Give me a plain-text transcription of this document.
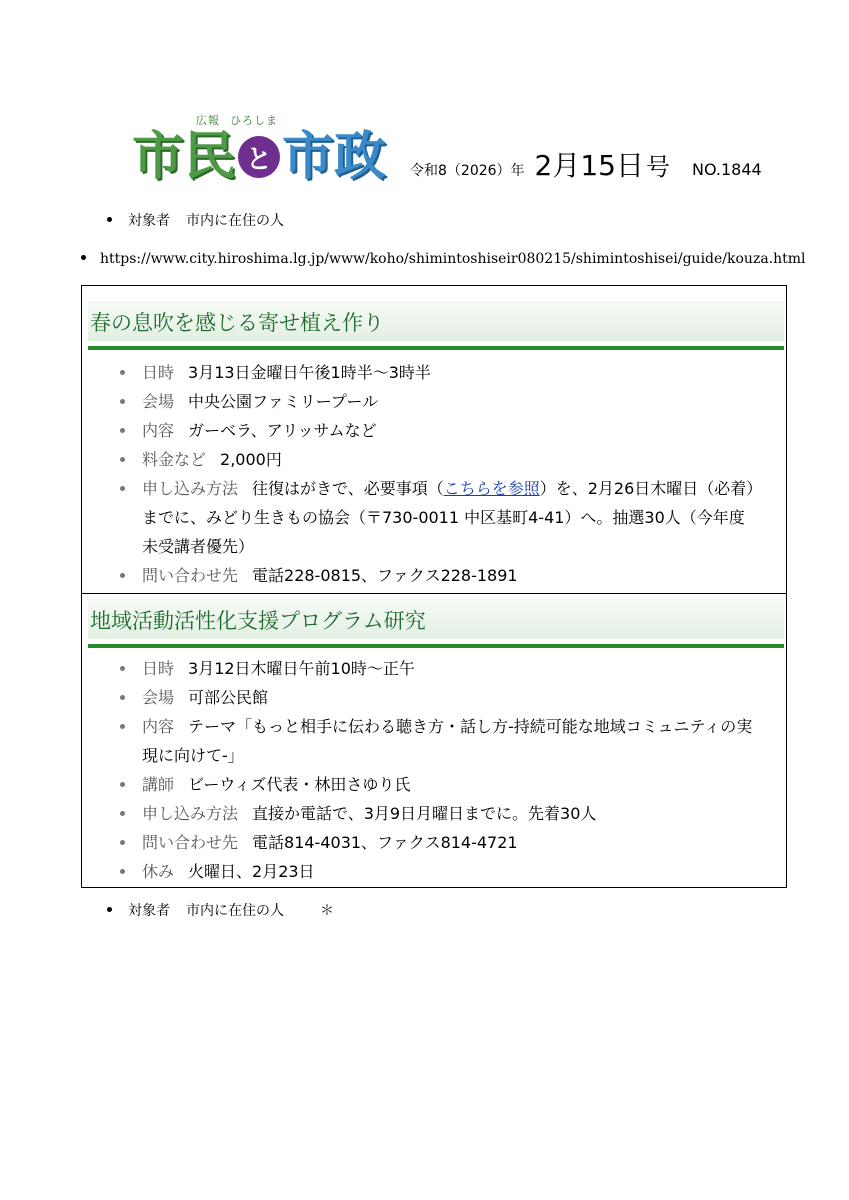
広報 ひろしま
市 民 と 市 政 令和8（2026）年 2月15日 号 NO.1844
対象者 市内に在住の人
https://www.city.hiroshima.lg.jp/www/koho/shimintoshiseir080215/shimintoshisei/guide/kouza.html
春の息吹を感じる寄せ植え作り
日時 3月13日金曜日午後1時半～3時半
会場 中央公園ファミリープール
内容 ガーベラ、アリッサムなど
料金など 2,000円
申し込み方法 往復はがきで、必要事項（こちらを参照）を、2月26日木曜日（必着）までに、みどり生きもの協会（〒730-0011 中区基町4-41）へ。抽選30人（今年度未受講者優先）
問い合わせ先 電話228-0815、ファクス228-1891
地域活動活性化支援プログラム研究
日時 3月12日木曜日午前10時～正午
会場 可部公民館
内容 テーマ「もっと相手に伝わる聴き方・話し方-持続可能な地域コミュニティの実現に向けて-」
講師 ビーウィズ代表・林田さゆり氏
申し込み方法 直接か電話で、3月9日月曜日までに。先着30人
問い合わせ先 電話814-4031、ファクス814-4721
休み 火曜日、2月23日
対象者 市内に在住の人	＊
